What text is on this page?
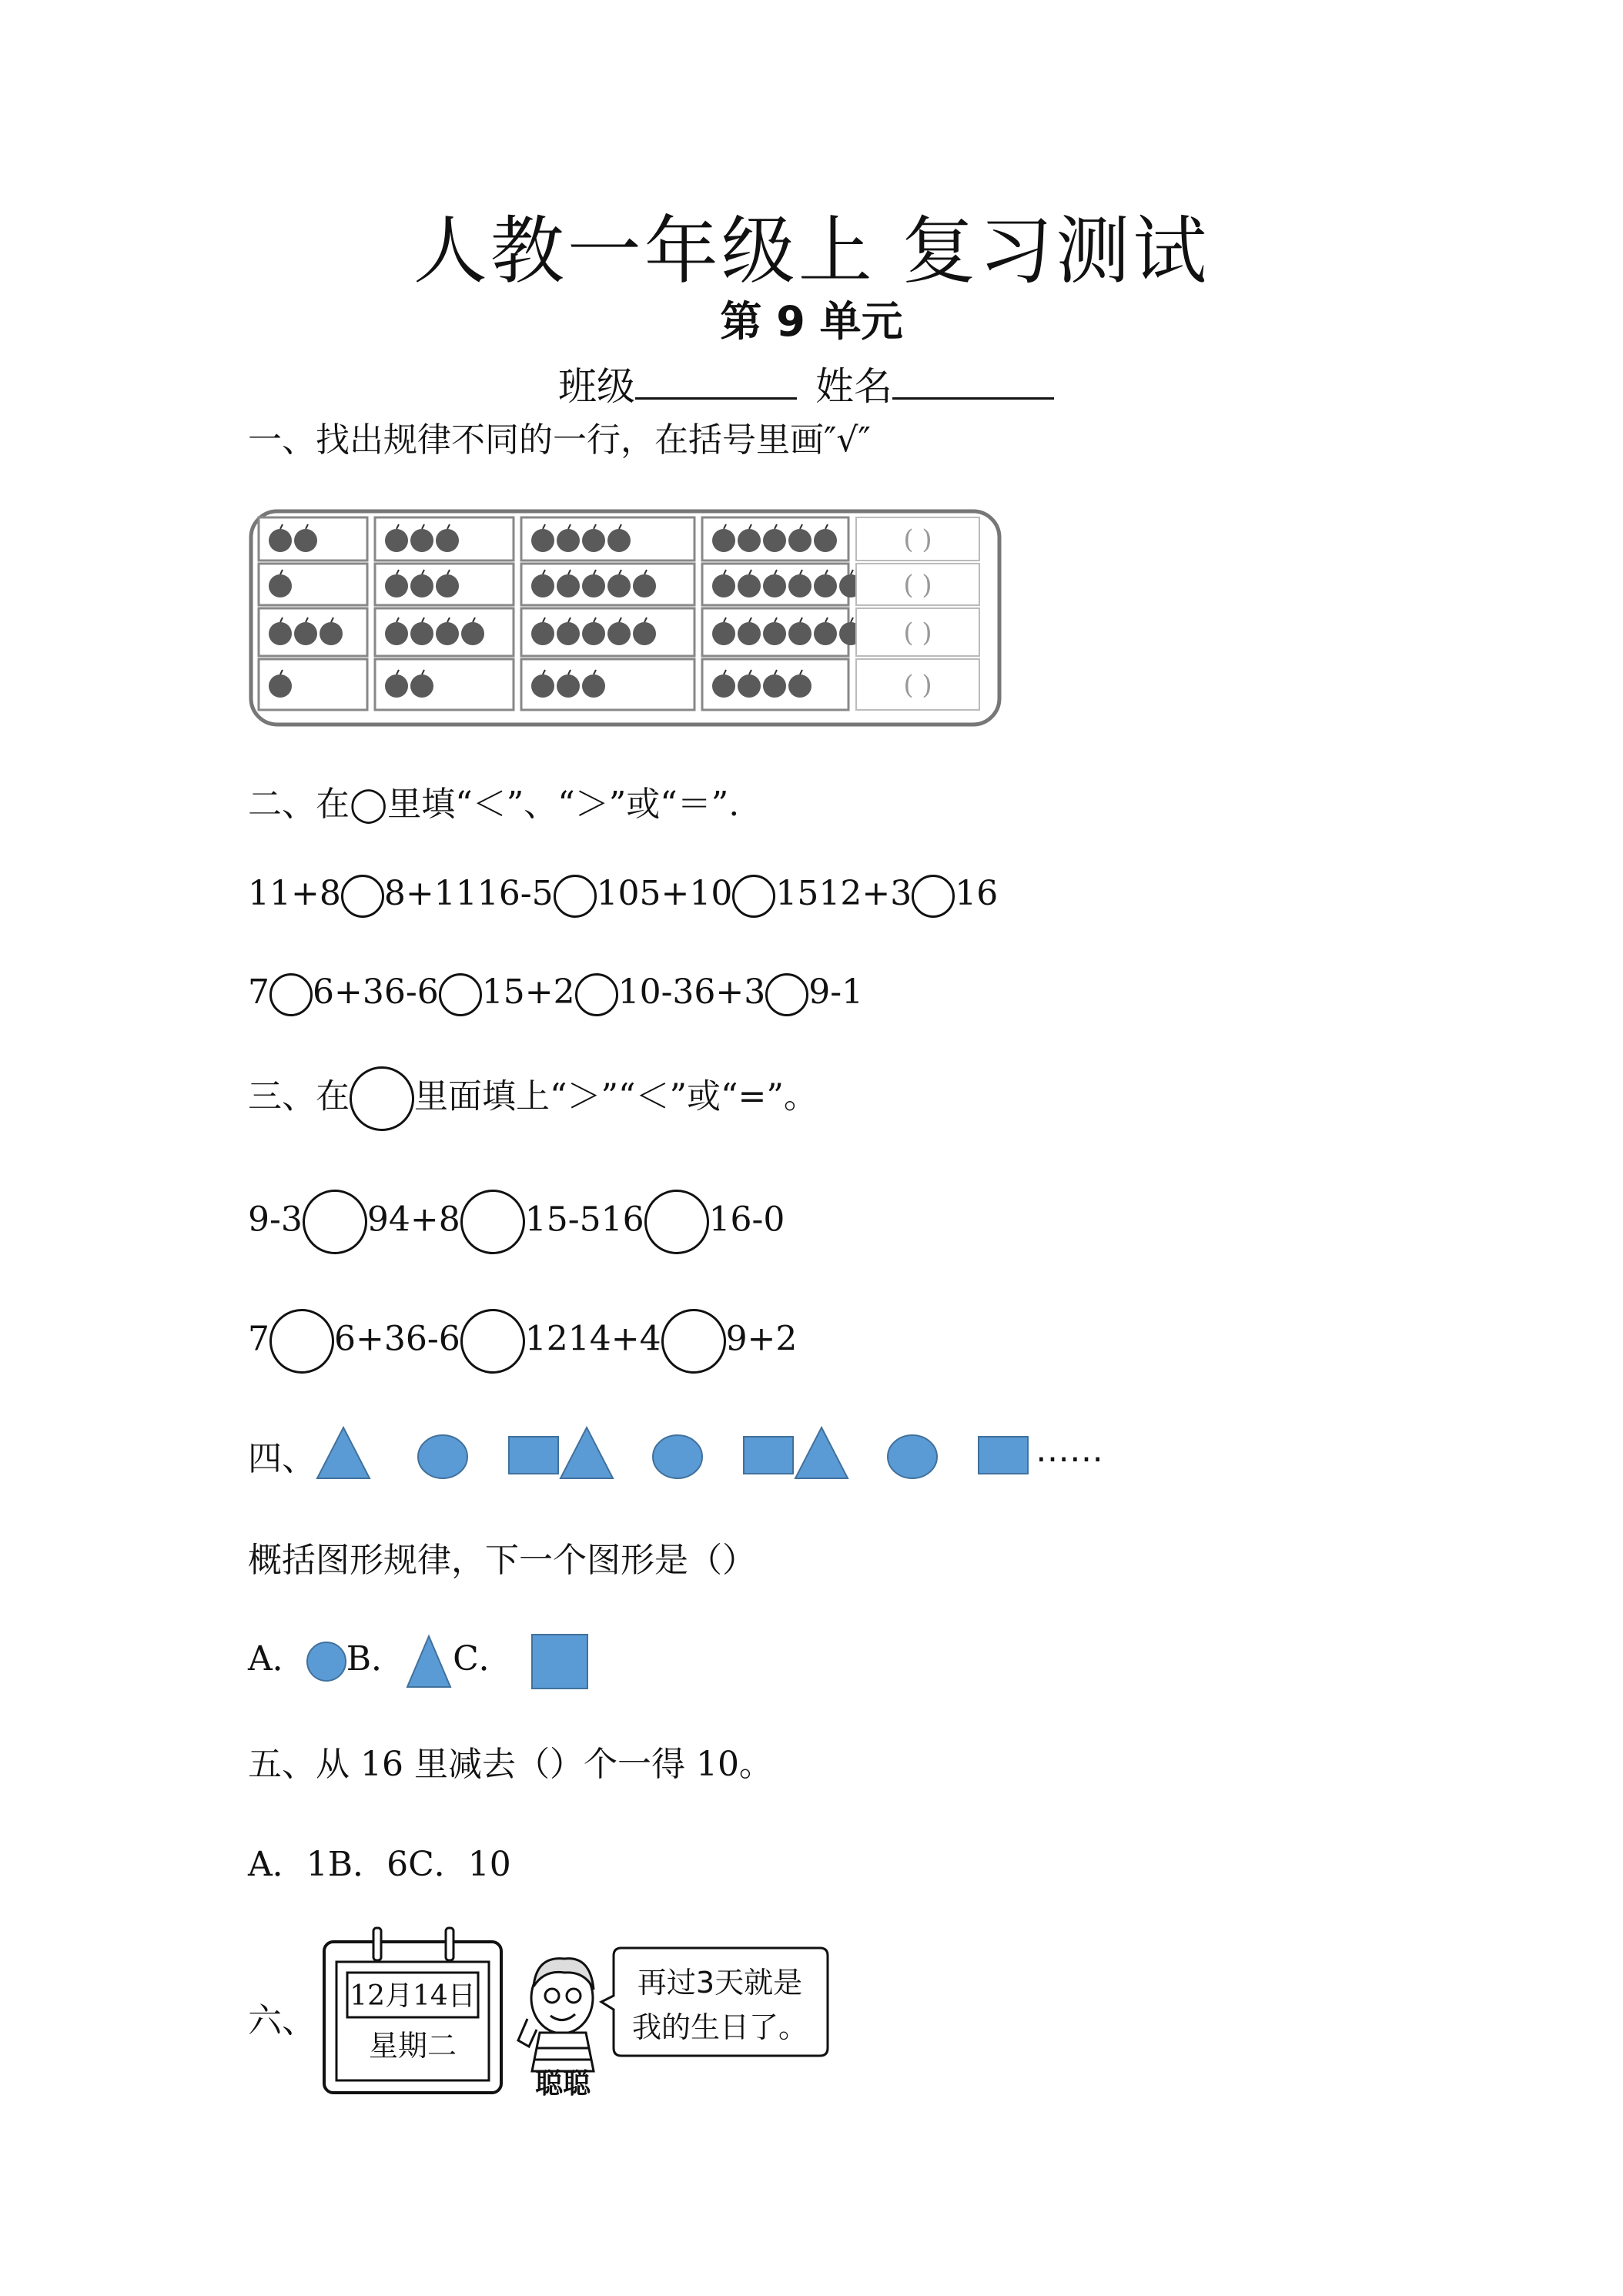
人教一年级上 复习测试
第 9 单元
班级	姓名
一、找出规律不同的一行，在括号里画″√″
( )
( )
( )
( )
二、在◯里填“＜”、“＞”或“＝”.
11+8 8+1116-5 105+10 1512+3 16
7 6+36-6 15+2 10-36+3 9-1
三、在 里面填上“＞”“＜”或“=”。
9-3 94+8 15-516 16-0
7 6+36-6 1214+4 9+2
四、	……
概括图形规律，下一个图形是（）
A． B． C．
五、从 16 里减去（）个一得 10。
A．1B．6C．10
六、
12月14日
星期二
聪聪
再过3天就是
我的生日了。
